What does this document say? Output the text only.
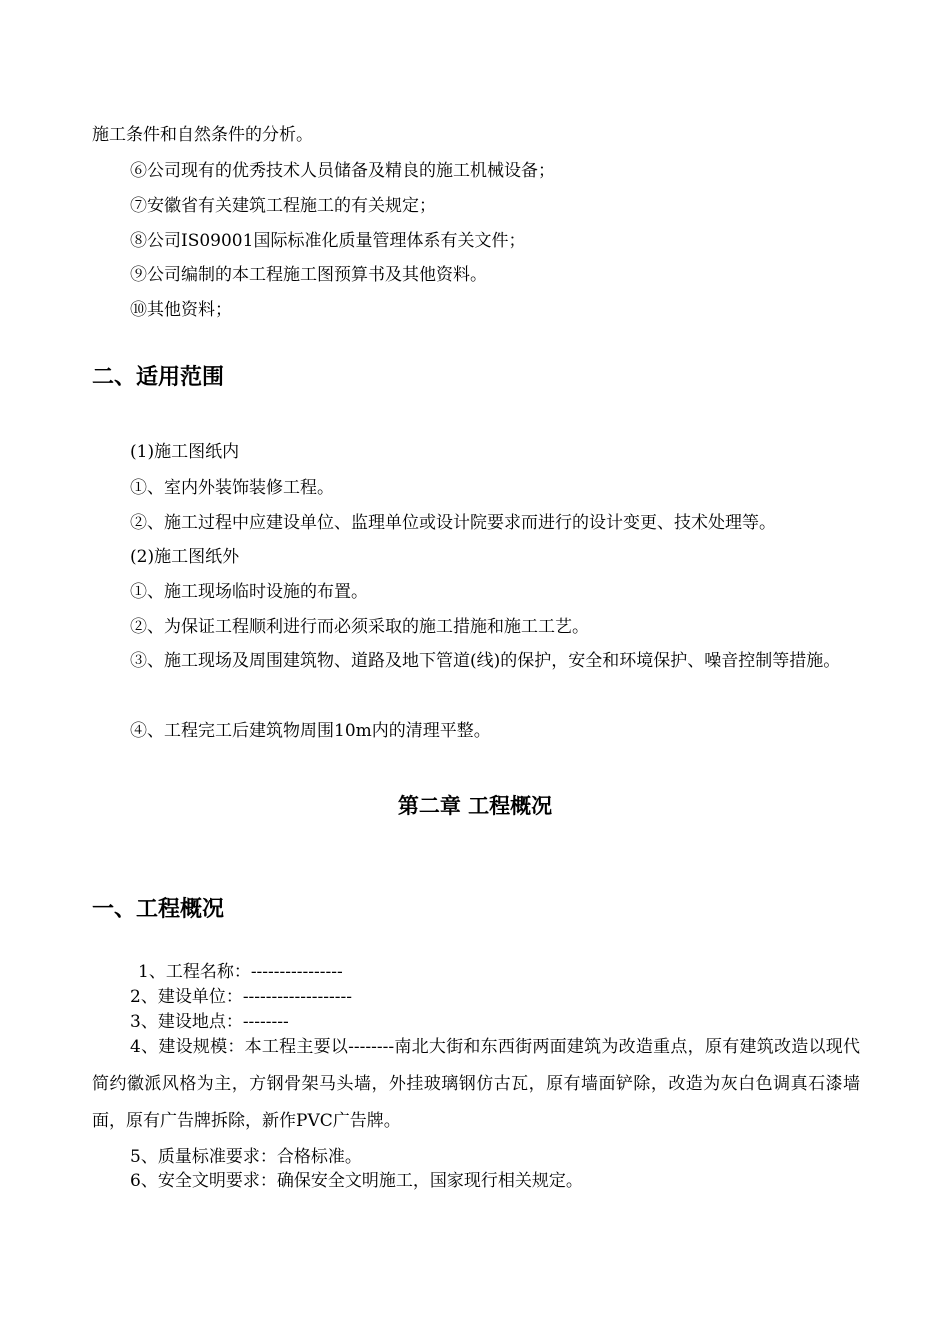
施工条件和自然条件的分析。
⑥公司现有的优秀技术人员储备及精良的施工机械设备；
⑦安徽省有关建筑工程施工的有关规定；
⑧公司IS09001国际标准化质量管理体系有关文件；
⑨公司编制的本工程施工图预算书及其他资料。
⑩其他资料；
二、适用范围
(1)施工图纸内
①、室内外装饰装修工程。
②、施工过程中应建设单位、监理单位或设计院要求而进行的设计变更、技术处理等。
(2)施工图纸外
①、施工现场临时设施的布置。
②、为保证工程顺利进行而必须采取的施工措施和施工工艺。
③、施工现场及周围建筑物、道路及地下管道(线)的保护，安全和环境保护、噪音控制等措施。
④、工程完工后建筑物周围10m内的清理平整。
第二章 工程概况
一、工程概况
1、工程名称：----------------
2、建设单位：-------------------
3、建设地点：--------
4、建设规模：本工程主要以--------南北大街和东西街两面建筑为改造重点，原有建筑改造以现代简约徽派风格为主，方钢骨架马头墙，外挂玻璃钢仿古瓦，原有墙面铲除，改造为灰白色调真石漆墙面，原有广告牌拆除，新作PVC广告牌。
5、质量标准要求：合格标准。
6、安全文明要求：确保安全文明施工，国家现行相关规定。
